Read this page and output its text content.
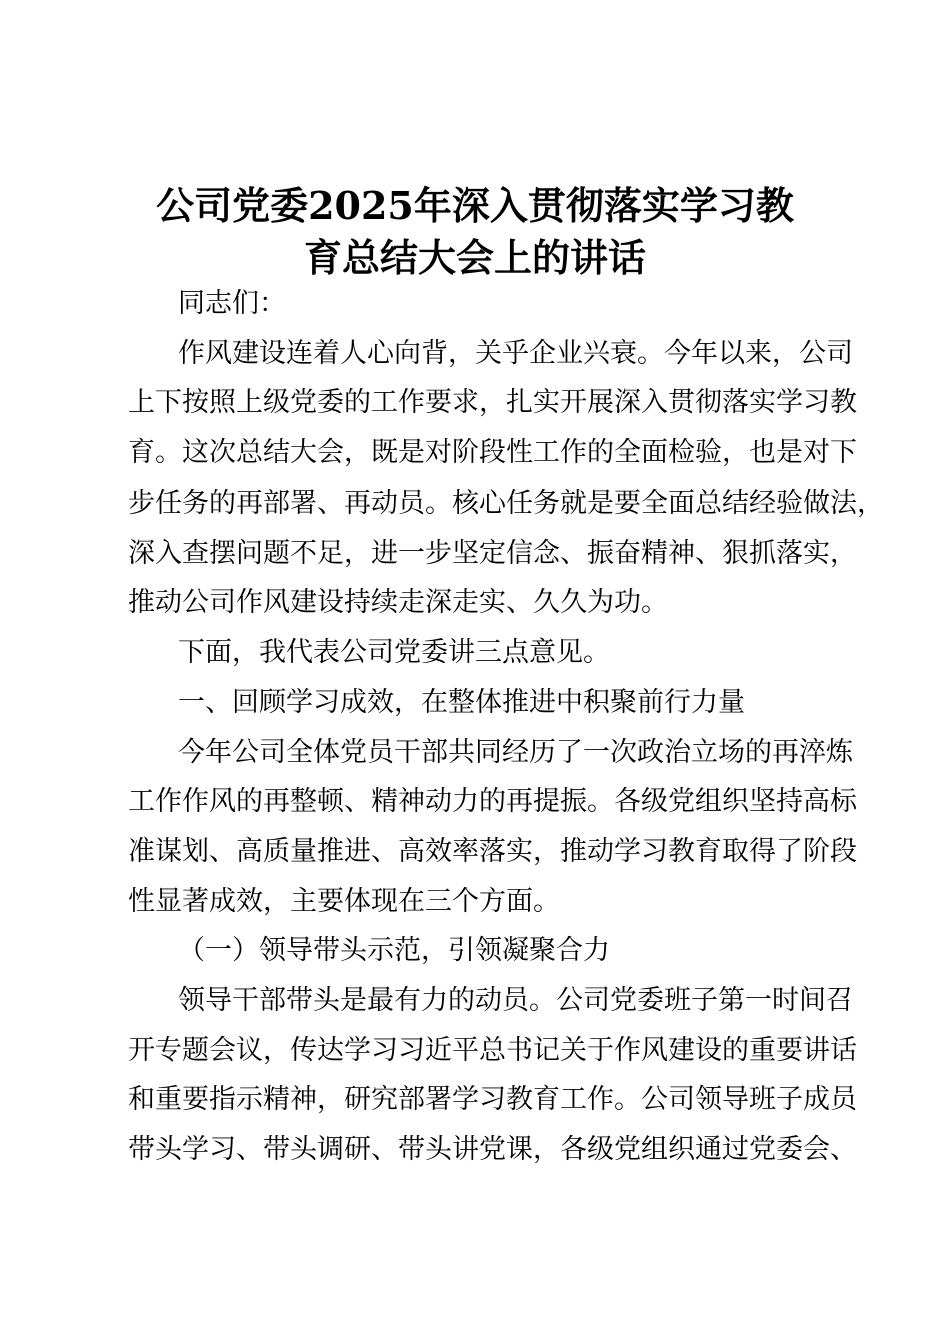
公司党委2025年深入贯彻落实学习教
育总结大会上的讲话
同志们：
作风建设连着人心向背，关乎企业兴衰。今年以来，公司
上下按照上级党委的工作要求，扎实开展深入贯彻落实学习教
育。这次总结大会，既是对阶段性工作的全面检验，也是对下
步任务的再部署、再动员。核心任务就是要全面总结经验做法，
深入查摆问题不足，进一步坚定信念、振奋精神、狠抓落实，
推动公司作风建设持续走深走实、久久为功。
下面，我代表公司党委讲三点意见。
一、回顾学习成效，在整体推进中积聚前行力量
今年公司全体党员干部共同经历了一次政治立场的再淬炼
工作作风的再整顿、精神动力的再提振。各级党组织坚持高标
准谋划、高质量推进、高效率落实，推动学习教育取得了阶段
性显著成效，主要体现在三个方面。
（一）领导带头示范，引领凝聚合力
领导干部带头是最有力的动员。公司党委班子第一时间召
开专题会议，传达学习习近平总书记关于作风建设的重要讲话
和重要指示精神，研究部署学习教育工作。公司领导班子成员
带头学习、带头调研、带头讲党课，各级党组织通过党委会、
